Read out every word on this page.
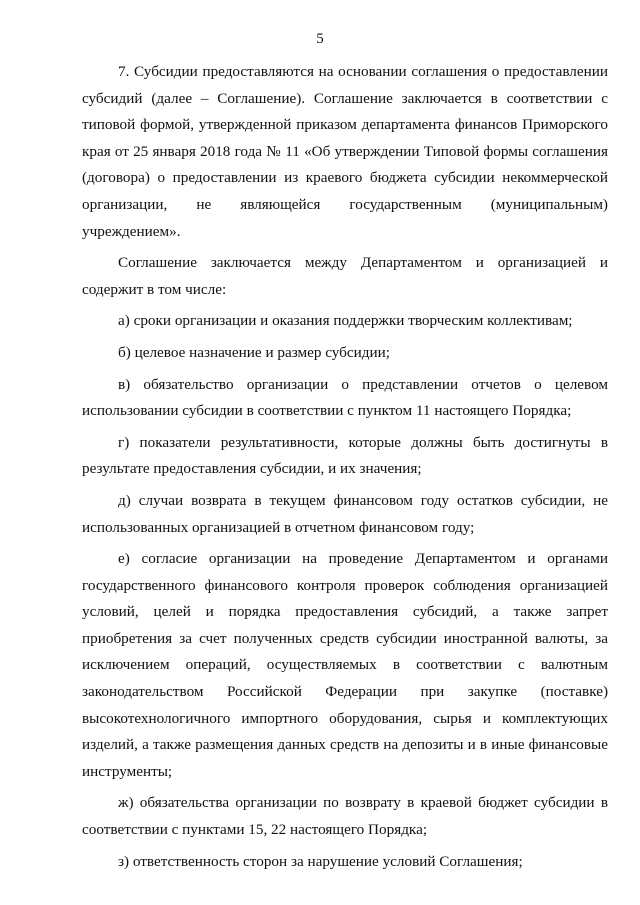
5

7. Субсидии предоставляются на основании соглашения о предоставлении субсидий (далее – Соглашение). Соглашение заключается в соответствии с типовой формой, утвержденной приказом департамента финансов Приморского края от 25 января 2018 года № 11 «Об утверждении Типовой формы соглашения (договора) о предоставлении из краевого бюджета субсидии некоммерческой организации, не являющейся государственным (муниципальным) учреждением».

Соглашение заключается между Департаментом и организацией и содержит в том числе:

а) сроки организации и оказания поддержки творческим коллективам;

б) целевое назначение и размер субсидии;

в) обязательство организации о представлении отчетов о целевом использовании субсидии в соответствии с пунктом 11 настоящего Порядка;

г) показатели результативности, которые должны быть достигнуты в результате предоставления субсидии, и их значения;

д) случаи возврата в текущем финансовом году остатков субсидии, не использованных организацией в отчетном финансовом году;

е) согласие организации на проведение Департаментом и органами государственного финансового контроля проверок соблюдения организацией условий, целей и порядка предоставления субсидий, а также запрет приобретения за счет полученных средств субсидии иностранной валюты, за исключением операций, осуществляемых в соответствии с валютным законодательством Российской Федерации при закупке (поставке) высокотехнологичного импортного оборудования, сырья и комплектующих изделий, а также размещения данных средств на депозиты и в иные финансовые инструменты;

ж) обязательства организации по возврату в краевой бюджет субсидии в соответствии с пунктами 15, 22 настоящего Порядка;

з) ответственность сторон за нарушение условий Соглашения;
